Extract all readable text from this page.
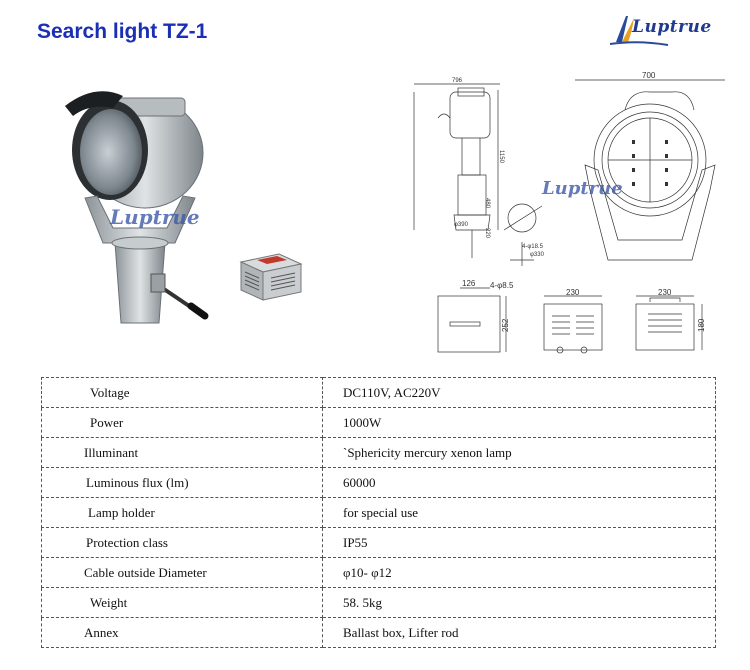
Search light TZ-1	Luptrue
Luptrue
796
1150
480
220
φ390
4-φ18.5
φ330
700
126 4-φ8.5
252
230	230
180
Luptrue
Voltage	DC110V, AC220V
Power	1000W
Illuminant	`Sphericity mercury xenon lamp
Luminous flux (lm)	60000
Lamp holder	for special use
Protection class	IP55
Cable outside Diameter	φ10- φ12
Weight	58. 5kg
Annex	Ballast box, Lifter rod
